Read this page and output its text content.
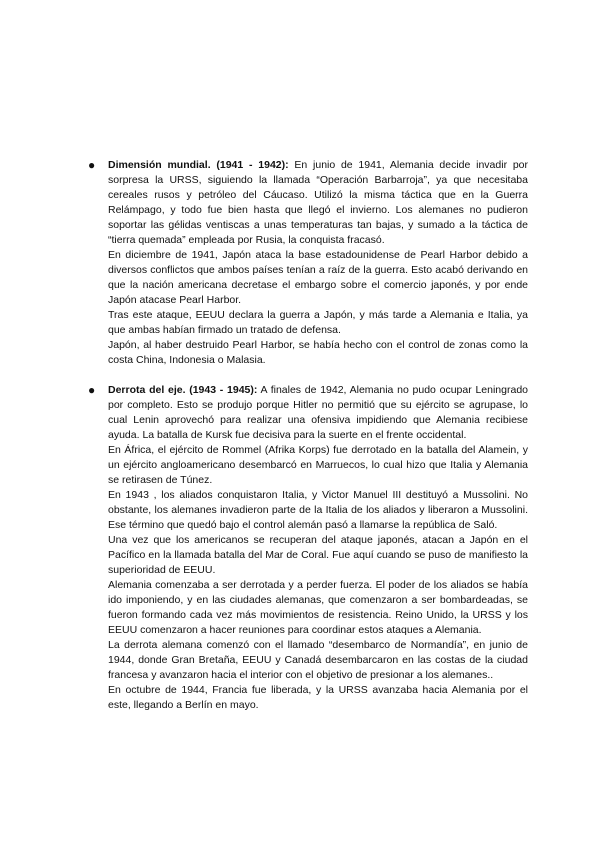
● Dimensión mundial. (1941 - 1942): En junio de 1941, Alemania decide invadir por sorpresa la URSS, siguiendo la llamada “Operación Barbarroja”, ya que necesitaba cereales rusos y petróleo del Cáucaso. Utilizó la misma táctica que en la Guerra Relámpago, y todo fue bien hasta que llegó el invierno. Los alemanes no pudieron soportar las gélidas ventiscas a unas temperaturas tan bajas, y sumado a la táctica de “tierra quemada” empleada por Rusia, la conquista fracasó.

En diciembre de 1941, Japón ataca la base estadounidense de Pearl Harbor debido a diversos conflictos que ambos países tenían a raíz de la guerra. Esto acabó derivando en que la nación americana decretase el embargo sobre el comercio japonés, y por ende Japón atacase Pearl Harbor.

Tras este ataque, EEUU declara la guerra a Japón, y más tarde a Alemania e Italia, ya que ambas habían firmado un tratado de defensa.

Japón, al haber destruido Pearl Harbor, se había hecho con el control de zonas como la costa China, Indonesia o Malasia.

● Derrota del eje. (1943 - 1945): A finales de 1942, Alemania no pudo ocupar Leningrado por completo. Esto se produjo porque Hitler no permitió que su ejército se agrupase, lo cual Lenin aprovechó para realizar una ofensiva impidiendo que Alemania recibiese ayuda. La batalla de Kursk fue decisiva para la suerte en el frente occidental.

En África, el ejército de Rommel (Afrika Korps) fue derrotado en la batalla del Alamein, y un ejército angloamericano desembarcó en Marruecos, lo cual hizo que Italia y Alemania se retirasen de Túnez.

En 1943 , los aliados conquistaron Italia, y Victor Manuel III destituyó a Mussolini. No obstante, los alemanes invadieron parte de la Italia de los aliados y liberaron a Mussolini. Ese término que quedó bajo el control alemán pasó a llamarse la república de Saló.

Una vez que los americanos se recuperan del ataque japonés, atacan a Japón en el Pacífico en la llamada batalla del Mar de Coral. Fue aquí cuando se puso de manifiesto la superioridad de EEUU.

Alemania comenzaba a ser derrotada y a perder fuerza. El poder de los aliados se había ido imponiendo, y en las ciudades alemanas, que comenzaron a ser bombardeadas, se fueron formando cada vez más movimientos de resistencia. Reino Unido, la URSS y los EEUU comenzaron a hacer reuniones para coordinar estos ataques a Alemania.

La derrota alemana comenzó con el llamado “desembarco de Normandía”, en junio de 1944, donde Gran Bretaña, EEUU y Canadá desembarcaron en las costas de la ciudad francesa y avanzaron hacia el interior con el objetivo de presionar a los alemanes..

En octubre de 1944, Francia fue liberada, y la URSS avanzaba hacia Alemania por el este, llegando a Berlín en mayo.
